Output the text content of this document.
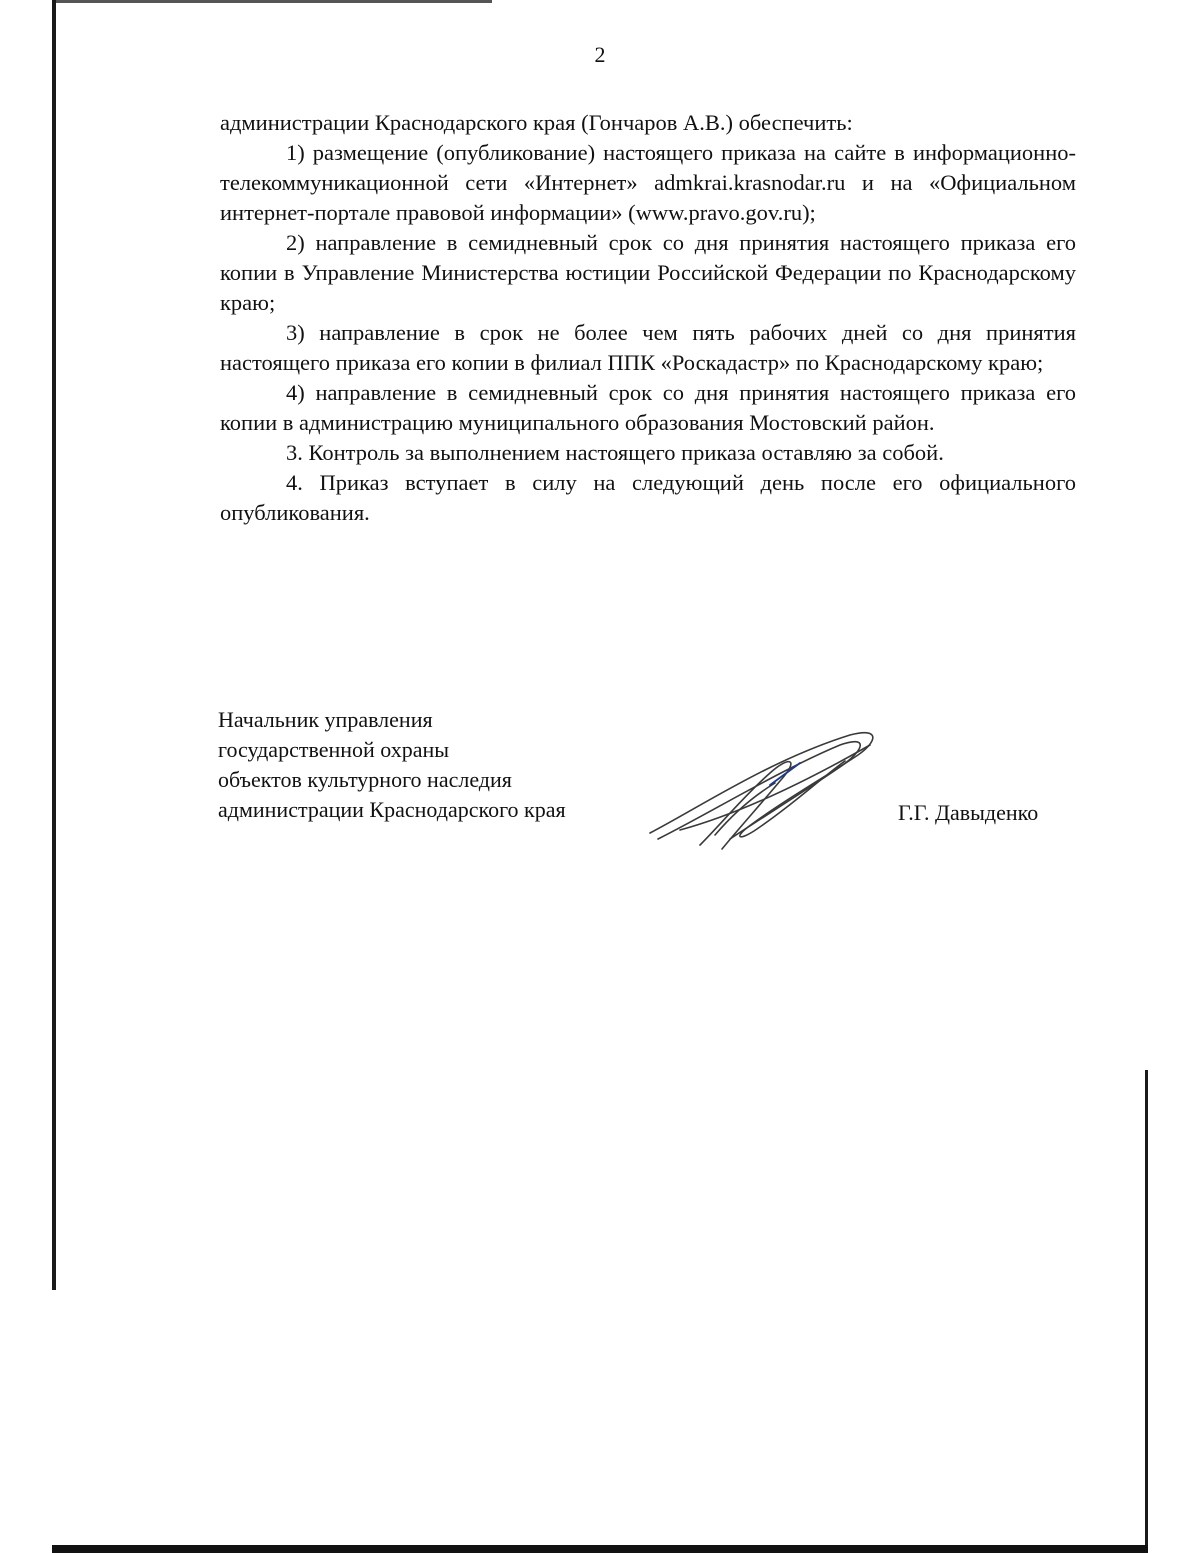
2

администрации Краснодарского края (Гончаров А.В.) обеспечить:

1) размещение (опубликование) настоящего приказа на сайте в информационно-телекоммуникационной сети «Интернет» admkrai.krasnodar.ru и на «Официальном интернет-портале правовой информации» (www.pravo.gov.ru);

2) направление в семидневный срок со дня принятия настоящего приказа его копии в Управление Министерства юстиции Российской Федерации по Краснодарскому краю;

3) направление в срок не более чем пять рабочих дней со дня принятия настоящего приказа его копии в филиал ППК «Роскадастр» по Краснодарскому краю;

4) направление в семидневный срок со дня принятия настоящего приказа его копии в администрацию муниципального образования Мостовский район.

3. Контроль за выполнением настоящего приказа оставляю за собой.

4. Приказ вступает в силу на следующий день после его официального опубликования.

Начальник управления
государственной охраны
объектов культурного наследия
администрации Краснодарского края	Г.Г. Давыденко
